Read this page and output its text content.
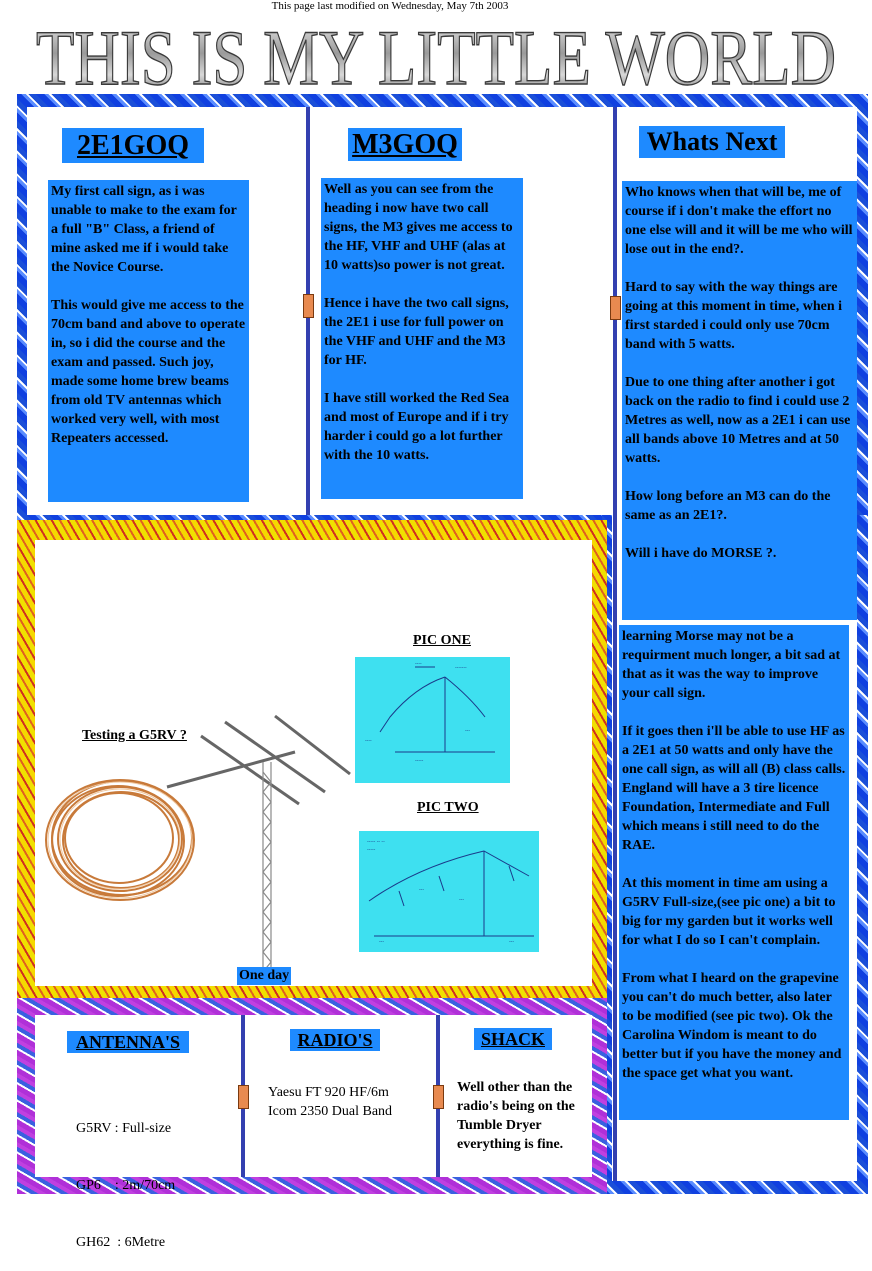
This page last modified on Wednesday, May 7th 2003
THIS IS MY LITTLE WORLD
2E1GOQ

My first call sign, as i was unable to make to the exam for a full "B" Class, a friend of mine asked me if i would take the Novice Course.

This would give me access to the 70cm band and above to operate in, so i did the course and the exam and passed. Such joy, made some home brew beams from old TV antennas which worked very well, with most Repeaters accessed.

M3GOQ

Well as you can see from the heading i now have two call signs, the M3 gives me access to the HF, VHF and UHF (alas at 10 watts)so power is not great.

Hence i have the two call signs, the 2E1 i use for full power on the VHF and UHF and the M3 for HF.

I have still worked the Red Sea and most of Europe and if i try harder i could go a lot further with the 10 watts.

Whats Next

Who knows when that will be, me of course if i don't make the effort no one else will and it will be me who will lose out in the end?.

Hard to say with the way things are going at this moment in time, when i first starded i could only use 70cm band with 5 watts.

Due to one thing after another i got back on the radio to find i could use 2 Metres as well, now as a 2E1 i can use all bands above 10 Metres and at 50 watts.

How long before an M3 can do the same as an 2E1?.

Will i have do MORSE ?.

learning Morse may not be a requirment much longer, a bit sad at that as it was the way to improve your call sign.

If it goes then i'll be able to use HF as a 2E1 at 50 watts and only have the one call sign, as will all (B) class calls. England will have a 3 tire licence Foundation, Intermediate and Full which means i still need to do the RAE.

At this moment in time am using a G5RV Full-size,(see pic one) a bit to big for my garden but it works well for what I do so I can't complain.

From what I heard on the grapevine you can't do much better, also later to be modified (see pic two). Ok the Carolina Windom is meant to do better but if you have the money and the space get what you want.

Testing a G5RV ?
PIC ONE
----
-------
----
---
-----
PIC TWO
----- -- --
-----
---
---
---	---
One day
ANTENNA'S

G5RV : Full-size

GP6    : 2m/70cm

GH62  : 6Metre

RADIO'S
Yaesu FT 920 HF/6m
Icom 2350 Dual Band
SHACK
Well other than the radio's being on the Tumble Dryer everything is fine.
